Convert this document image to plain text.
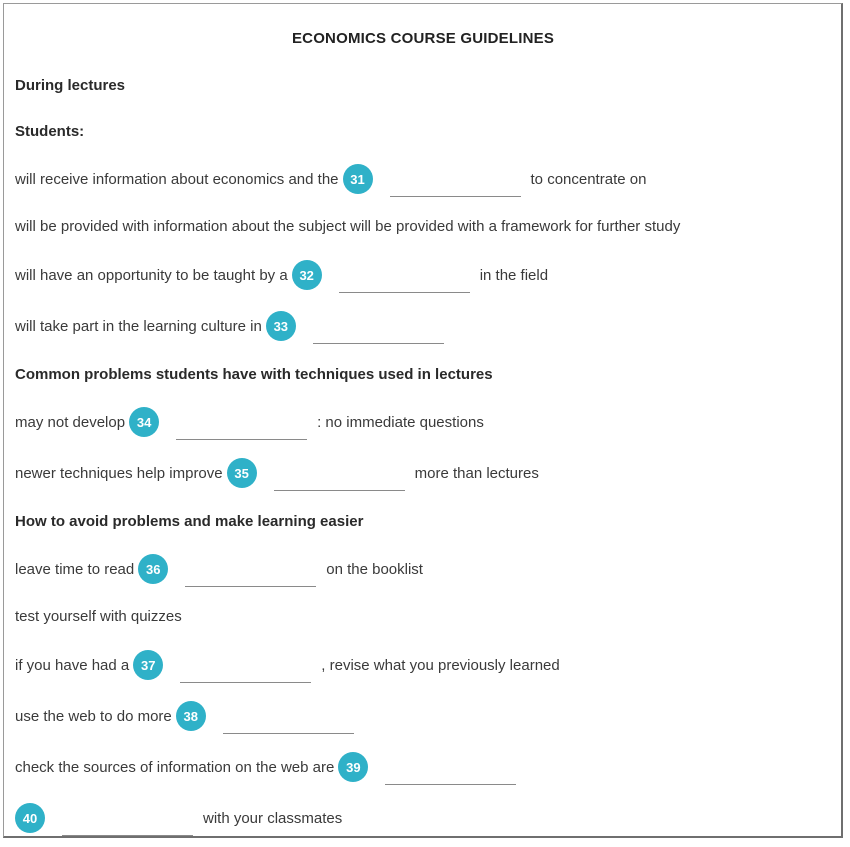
ECONOMICS COURSE GUIDELINES
During lectures
Students:
will receive information about economics and the 31	to concentrate on
will be provided with information about the subject will be provided with a framework for further study
will have an opportunity to be taught by a 32	in the field
will take part in the learning culture in 33
Common problems students have with techniques used in lectures
may not develop 34	: no immediate questions
newer techniques help improve 35	more than lectures
How to avoid problems and make learning easier
leave time to read 36	on the booklist
test yourself with quizzes
if you have had a 37	, revise what you previously learned
use the web to do more 38
check the sources of information on the web are 39
40	with your classmates
